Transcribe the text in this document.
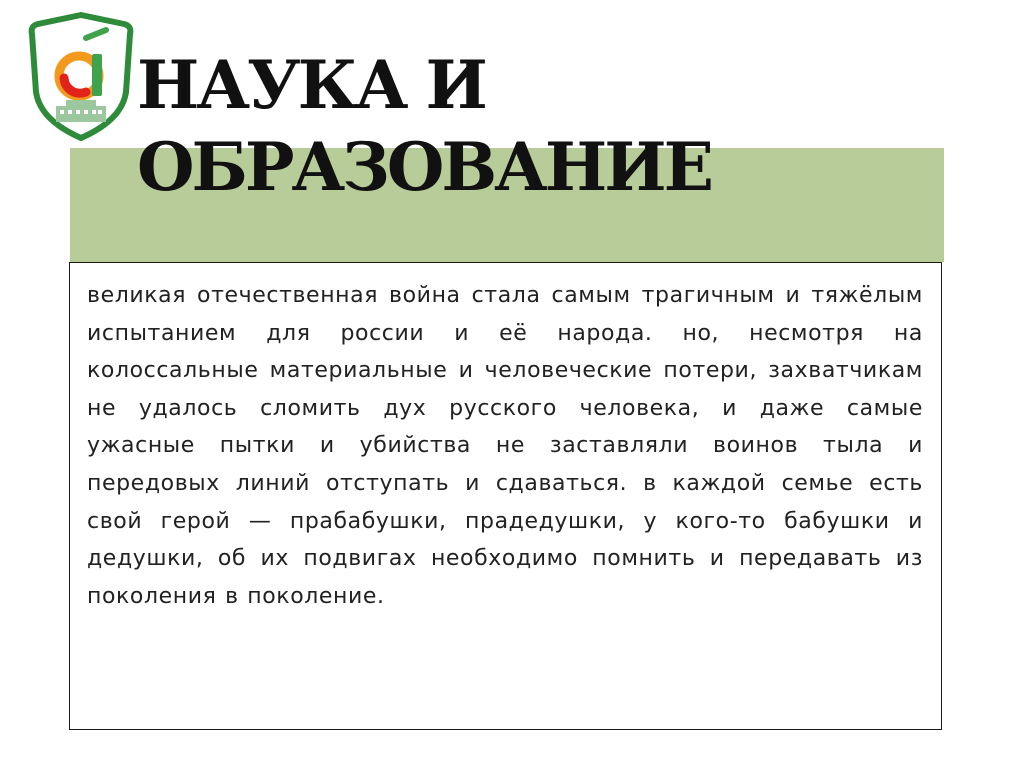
НАУКА И
ОБРАЗОВАНИЕ

великая отечественная война стала самым трагичным и тяжёлым испытанием для россии и её народа. но, несмотря на колоссальные материальные и человеческие потери, захватчикам не удалось сломить дух русского человека, и даже самые ужасные пытки и убийства не заставляли воинов тыла и передовых линий отступать и сдаваться. в каждой семье есть свой герой — прабабушки, прадедушки, у кого-то бабушки и дедушки, об их подвигах необходимо помнить и передавать из поколения в поколение.
